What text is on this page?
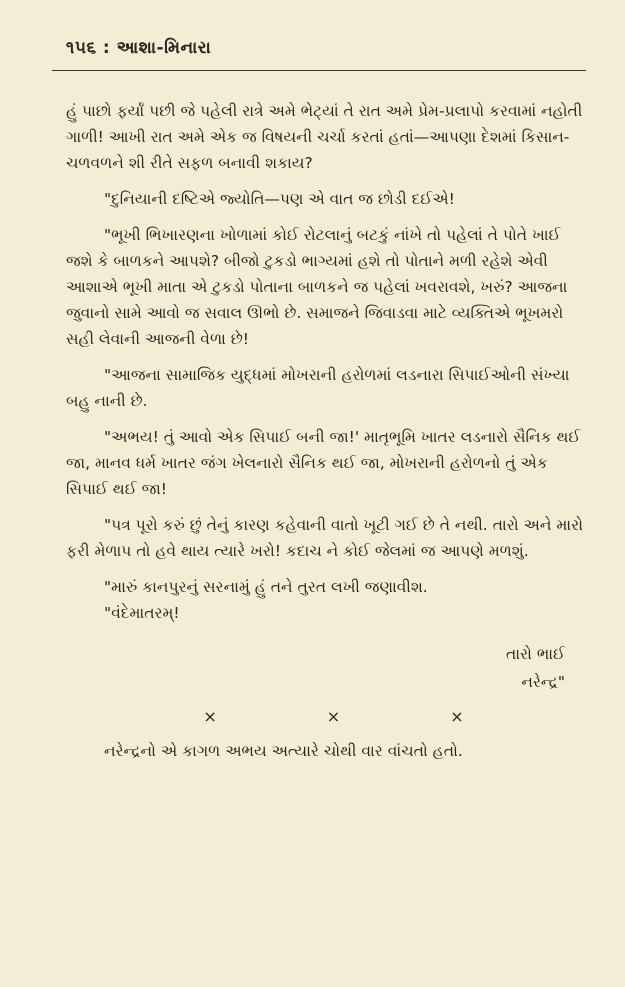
૧૫૬ : આશા-મિનારા

હું પાછો ફર્યાં પછી જે પહેલી રાત્રે અમે ભેટ્યાં તે રાત અમે પ્રેમ-પ્રલાપો કરવામાં નહોતી ગાળી! આખી રાત અમે એક જ વિષયની ચર્ચા કરતાં હતાં—આપણા દેશમાં કિસાન-ચળવળને શી રીતે સફળ બનાવી શકાય?

"દુનિયાની દષ્ટિએ જ્યોતિ—પણ એ વાત જ છોડી દઈએ!

"ભૂખી ભિખારણના ખોળામાં કોઈ રોટલાનું બટકું નાંખે તો પહેલાં તે પોતે ખાઈ જશે કે બાળકને આપશે? બીજો ટુકડો ભાગ્યમાં હશે તો પોતાને મળી રહેશે એવી આશાએ ભૂખી માતા એ ટુકડો પોતાના બાળકને જ પહેલાં ખવરાવશે, ખરું? આજના જુવાનો સામે આવો જ સવાલ ઊભો છે. સમાજને જિવાડવા માટે વ્યક્તિએ ભૂખમરો સહી લેવાની આજની વેળા છે!

"આજના સામાજિક યુદ્ધમાં મોખરાની હરોળમાં લડનારા સિપાઈઓની સંખ્યા બહુ નાની છે.

"અભય! તું આવો એક સિપાઈ બની જા!' માતૃભૂમિ ખાતર લડનારો સૈનિક થઈ જા, માનવ ધર્મ ખાતર જંગ ખેલનારો સૈનિક થઈ જા, મોખરાની હરોળનો તું એક સિપાઈ થઈ જા!

"પત્ર પૂરો કરું છું તેનું કારણ કહેવાની વાતો ખૂટી ગઈ છે તે નથી. તારો અને મારો ફરી મેળાપ તો હવે થાય ત્યારે ખરો! કદાચ ને કોઈ જેલમાં જ આપણે મળશું.

"મારું કાનપુરનું સરનામું હું તને તુરત લખી જણાવીશ.

"વંદેમાતરમ્!

તારો ભાઈ
નરેન્દ્ર"
×	×	×

નરેન્દ્રનો એ કાગળ અભય અત્યારે ચોથી વાર વાંચતો હતો.
